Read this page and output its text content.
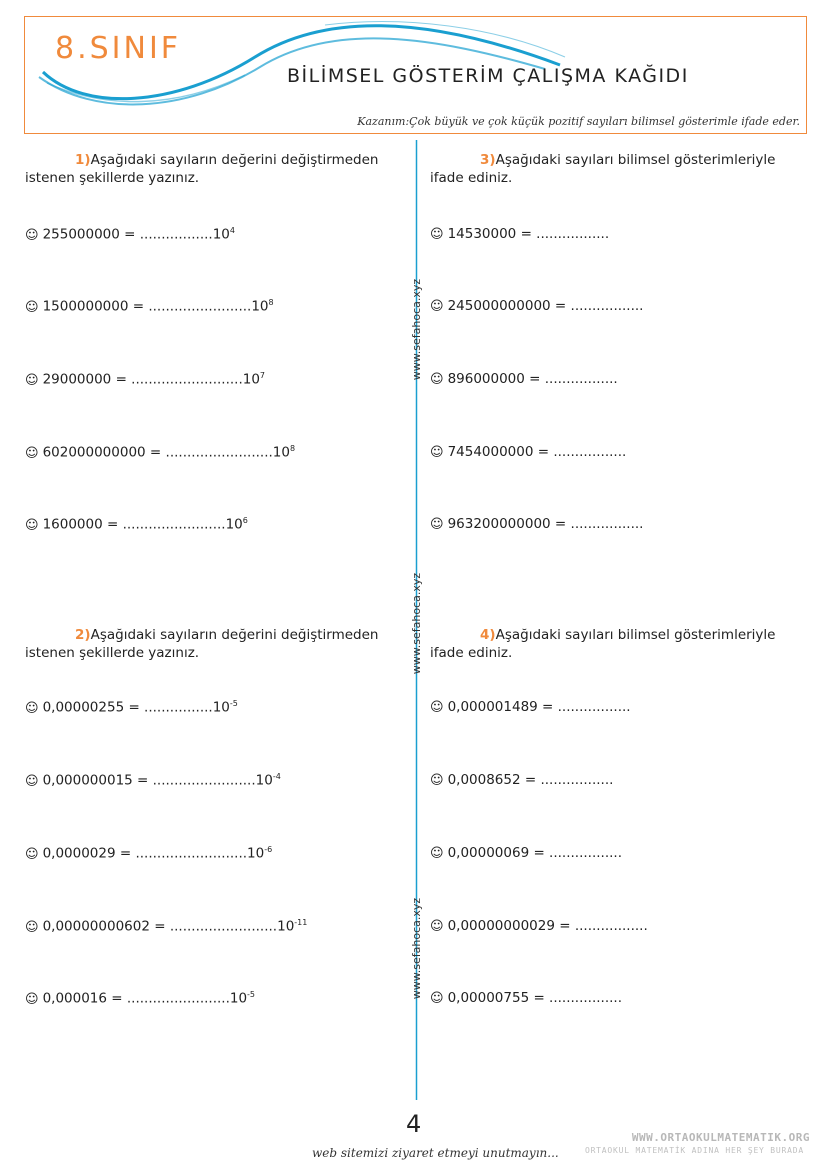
8.SINIF
BİLİMSEL GÖSTERİM ÇALIŞMA KAĞIDI
Kazanım:Çok büyük ve çok küçük pozitif sayıları bilimsel gösterimle ifade eder.
www.sefahoca.xyz
www.sefahoca.xyz
www.sefahoca.xyz
1)Aşağıdaki sayıların değerini değiştirmeden istenen şekillerde yazınız.
☺ $255000000 = .................10^4$
☺ $1500000000 = ........................10^8$
☺ $29000000 = ..........................10^7$
☺ $602000000000 = .........................10^8$
☺ $1600000 = ........................10^6$
3)Aşağıdaki sayıları bilimsel gösterimleriyle ifade ediniz.
☺ 14530000 = .................
☺ 245000000000 = .................
☺ 896000000 = .................
☺ 7454000000 = .................
☺ 963200000000 = .................
2)Aşağıdaki sayıların değerini değiştirmeden istenen şekillerde yazınız.
☺ $0,00000255 = ................10^{-5}$
☺ $0,000000015 = ........................10^{-4}$
☺ $0,0000029 = ..........................10^{-6}$
☺ $0,00000000602 = .........................10^{-11}$
☺ $0,000016 = ........................10^{-5}$
4)Aşağıdaki sayıları bilimsel gösterimleriyle ifade ediniz.
☺ 0,000001489 = .................
☺ 0,0008652 = .................
☺ 0,00000069 = .................
☺ 0,00000000029 = .................
☺ 0,00000755 = .................
4
web sitemizi ziyaret etmeyi unutmayın...
WWW.ORTAOKULMATEMATIK.ORG
ORTAOKUL MATEMATİK ADINA HER ŞEY BURADA
